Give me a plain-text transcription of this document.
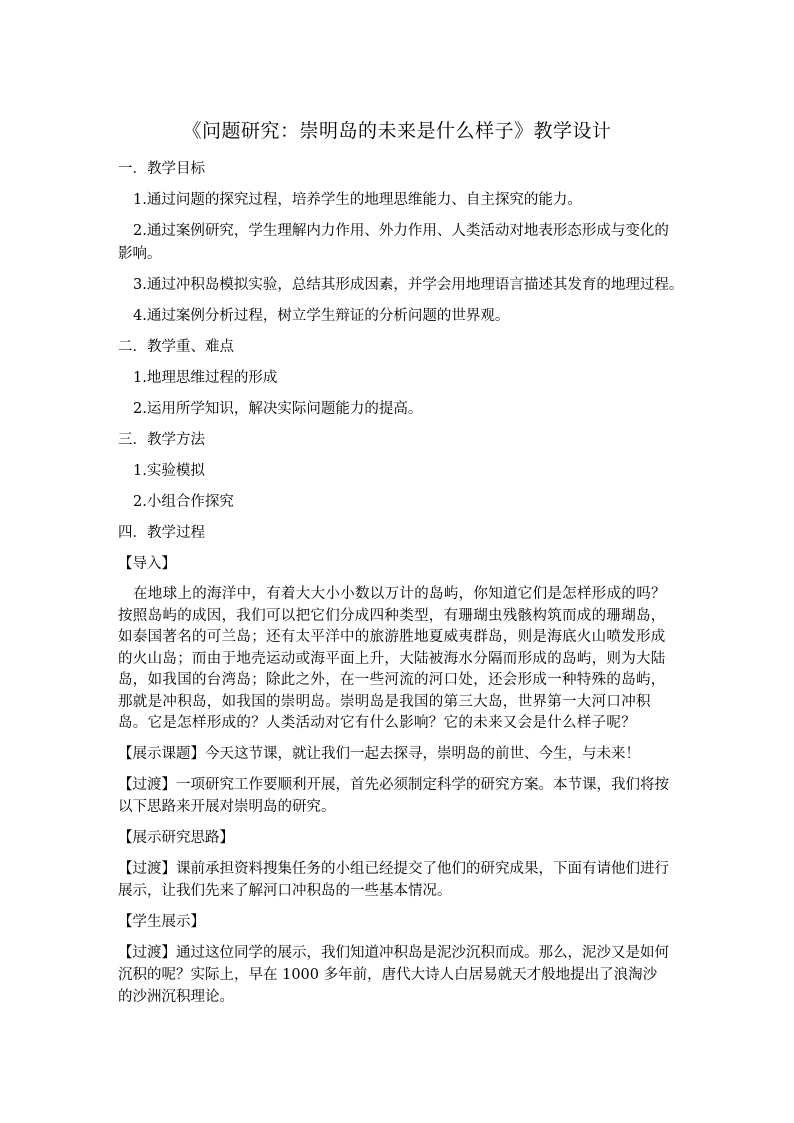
《问题研究：崇明岛的未来是什么样子》教学设计

一．教学目标

1.通过问题的探究过程，培养学生的地理思维能力、自主探究的能力。

2.通过案例研究，学生理解内力作用、外力作用、人类活动对地表形态形成与变化的影响。

3.通过冲积岛模拟实验，总结其形成因素，并学会用地理语言描述其发育的地理过程。

4.通过案例分析过程，树立学生辩证的分析问题的世界观。

二．教学重、难点

1.地理思维过程的形成

2.运用所学知识，解决实际问题能力的提高。

三．教学方法

1.实验模拟

2.小组合作探究

四．教学过程

【导入】

在地球上的海洋中，有着大大小小数以万计的岛屿，你知道它们是怎样形成的吗？按照岛屿的成因，我们可以把它们分成四种类型，有珊瑚虫残骸构筑而成的珊瑚岛，如泰国著名的可兰岛；还有太平洋中的旅游胜地夏威夷群岛，则是海底火山喷发形成的火山岛；而由于地壳运动或海平面上升，大陆被海水分隔而形成的岛屿，则为大陆岛，如我国的台湾岛；除此之外，在一些河流的河口处，还会形成一种特殊的岛屿，那就是冲积岛，如我国的崇明岛。崇明岛是我国的第三大岛，世界第一大河口冲积岛。它是怎样形成的？人类活动对它有什么影响？它的未来又会是什么样子呢？

【展示课题】今天这节课，就让我们一起去探寻，崇明岛的前世、今生，与未来！

【过渡】一项研究工作要顺利开展，首先必须制定科学的研究方案。本节课，我们将按以下思路来开展对崇明岛的研究。

【展示研究思路】

【过渡】课前承担资料搜集任务的小组已经提交了他们的研究成果，下面有请他们进行展示，让我们先来了解河口冲积岛的一些基本情况。

【学生展示】

【过渡】通过这位同学的展示，我们知道冲积岛是泥沙沉积而成。那么，泥沙又是如何沉积的呢？实际上，早在 1000 多年前，唐代大诗人白居易就天才般地提出了浪淘沙的沙洲沉积理论。
